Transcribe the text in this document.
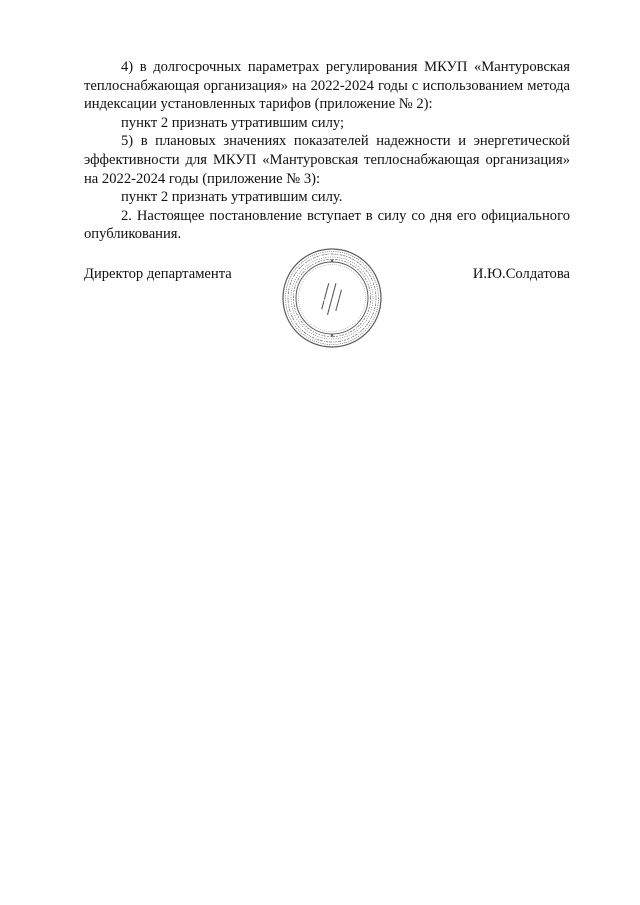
4) в долгосрочных параметрах регулирования МКУП «Мантуровская теплоснабжающая организация» на 2022-2024 годы с использованием метода индексации установленных тарифов (приложение № 2):

пункт 2 признать утратившим силу;

5) в плановых значениях показателей надежности и энергетической эффективности для МКУП «Мантуровская теплоснабжающая организация» на 2022-2024 годы (приложение № 3):

пункт 2 признать утратившим силу.

2. Настоящее постановление вступает в силу со дня его официального опубликования.

Директор департамента	И.Ю.Солдатова
